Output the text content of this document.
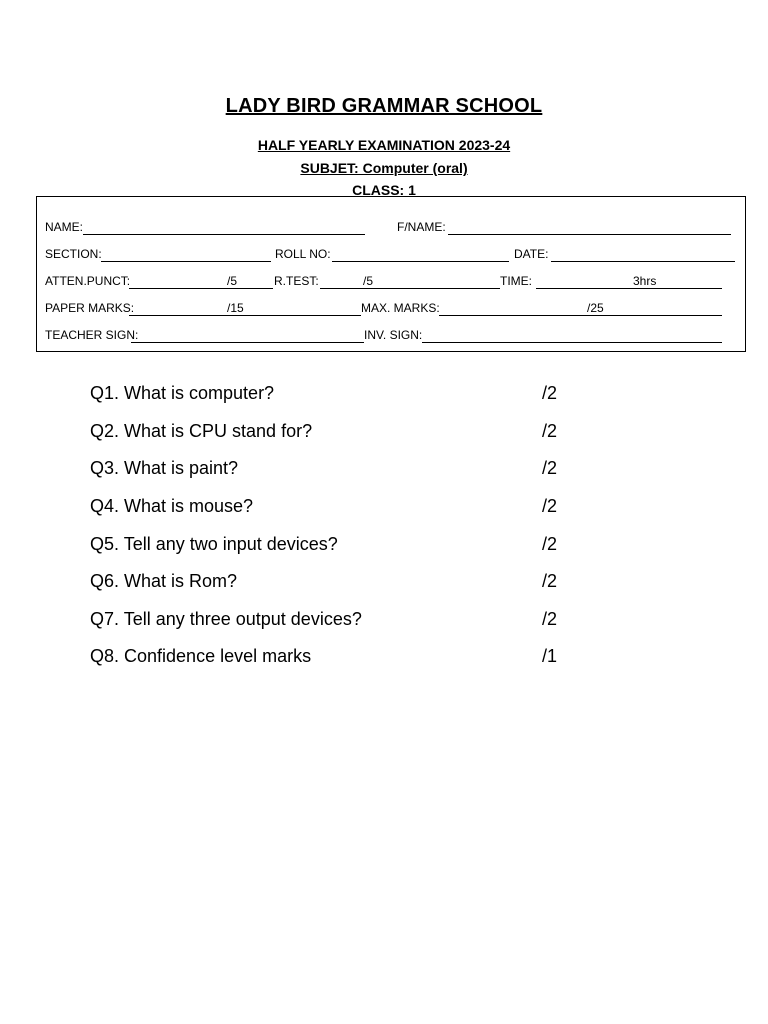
LADY BIRD GRAMMAR SCHOOL
HALF YEARLY EXAMINATION 2023-24
SUBJET: Computer (oral)
CLASS: 1
NAME:	F/NAME:
SECTION:	ROLL NO:	DATE:
ATTEN.PUNCT:	/5	R.TEST:	/5	TIME:	3hrs
PAPER MARKS:	/15	MAX. MARKS:	/25
TEACHER SIGN:	INV. SIGN:
Q1. What is computer?	/2
Q2. What is CPU stand for?	/2
Q3. What is paint?	/2
Q4. What is mouse?	/2
Q5. Tell any two input devices?	/2
Q6. What is Rom?	/2
Q7. Tell any three output devices?	/2
Q8. Confidence level marks	/1
